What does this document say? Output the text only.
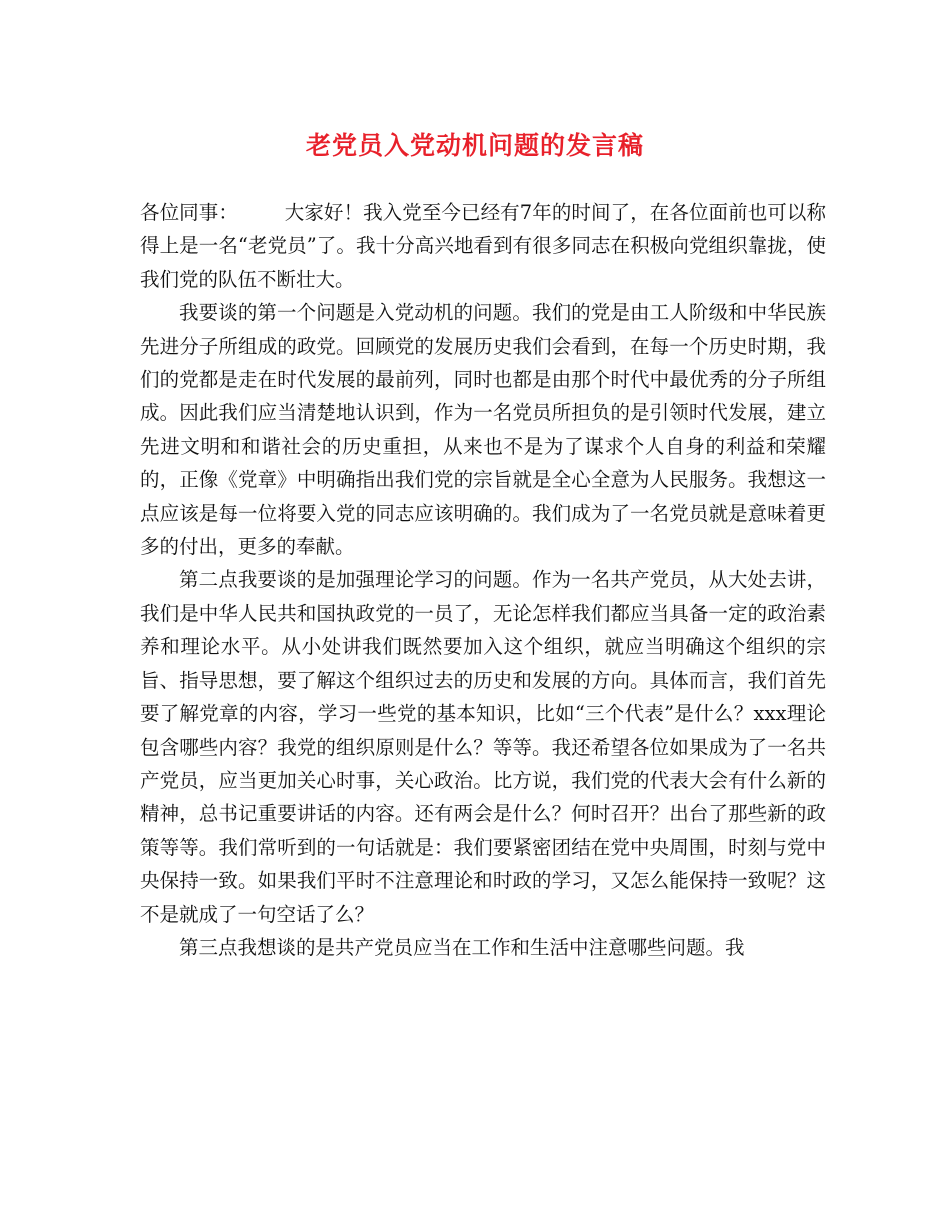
老党员入党动机问题的发言稿

各位同事： 大家好！我入党至今已经有7年的时间了，在各位面前也可以称得上是一名“老党员”了。我十分高兴地看到有很多同志在积极向党组织靠拢，使我们党的队伍不断壮大。

我要谈的第一个问题是入党动机的问题。我们的党是由工人阶级和中华民族先进分子所组成的政党。回顾党的发展历史我们会看到，在每一个历史时期，我们的党都是走在时代发展的最前列，同时也都是由那个时代中最优秀的分子所组成。因此我们应当清楚地认识到，作为一名党员所担负的是引领时代发展，建立先进文明和和谐社会的历史重担，从来也不是为了谋求个人自身的利益和荣耀的，正像《党章》中明确指出我们党的宗旨就是全心全意为人民服务。我想这一点应该是每一位将要入党的同志应该明确的。我们成为了一名党员就是意味着更多的付出，更多的奉献。

第二点我要谈的是加强理论学习的问题。作为一名共产党员，从大处去讲，我们是中华人民共和国执政党的一员了，无论怎样我们都应当具备一定的政治素养和理论水平。从小处讲我们既然要加入这个组织，就应当明确这个组织的宗旨、指导思想，要了解这个组织过去的历史和发展的方向。具体而言，我们首先要了解党章的内容，学习一些党的基本知识，比如“三个代表”是什么？xxx理论包含哪些内容？我党的组织原则是什么？等等。我还希望各位如果成为了一名共产党员，应当更加关心时事，关心政治。比方说，我们党的代表大会有什么新的精神，总书记重要讲话的内容。还有两会是什么？何时召开？出台了那些新的政策等等。我们常听到的一句话就是：我们要紧密团结在党中央周围，时刻与党中央保持一致。如果我们平时不注意理论和时政的学习，又怎么能保持一致呢？这不是就成了一句空话了么？

第三点我想谈的是共产党员应当在工作和生活中注意哪些问题。我
